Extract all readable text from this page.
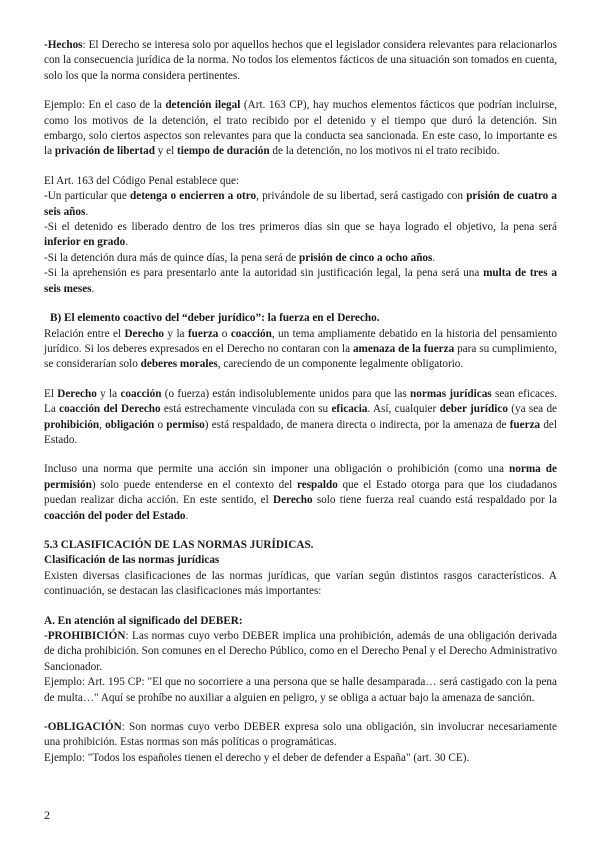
-Hechos: El Derecho se interesa solo por aquellos hechos que el legislador considera relevantes para relacionarlos con la consecuencia jurídica de la norma. No todos los elementos fácticos de una situación son tomados en cuenta, solo los que la norma considera pertinentes.

Ejemplo: En el caso de la detención ilegal (Art. 163 CP), hay muchos elementos fácticos que podrían incluirse, como los motivos de la detención, el trato recibido por el detenido y el tiempo que duró la detención. Sin embargo, solo ciertos aspectos son relevantes para que la conducta sea sancionada. En este caso, lo importante es la privación de libertad y el tiempo de duración de la detención, no los motivos ni el trato recibido.

El Art. 163 del Código Penal establece que:

-Un particular que detenga o encierren a otro, privándole de su libertad, será castigado con prisión de cuatro a seis años.

-Si el detenido es liberado dentro de los tres primeros días sin que se haya logrado el objetivo, la pena será inferior en grado.

-Si la detención dura más de quince días, la pena será de prisión de cinco a ocho años.

-Si la aprehensión es para presentarlo ante la autoridad sin justificación legal, la pena será una multa de tres a seis meses.

B) El elemento coactivo del “deber jurídico”: la fuerza en el Derecho.

Relación entre el Derecho y la fuerza o coacción, un tema ampliamente debatido en la historia del pensamiento jurídico. Si los deberes expresados en el Derecho no contaran con la amenaza de la fuerza para su cumplimiento, se considerarían solo deberes morales, careciendo de un componente legalmente obligatorio.

El Derecho y la coacción (o fuerza) están indisolublemente unidos para que las normas jurídicas sean eficaces. La coacción del Derecho está estrechamente vinculada con su eficacia. Así, cualquier deber jurídico (ya sea de prohibición, obligación o permiso) está respaldado, de manera directa o indirecta, por la amenaza de fuerza del Estado.

Incluso una norma que permite una acción sin imponer una obligación o prohibición (como una norma de permisión) solo puede entenderse en el contexto del respaldo que el Estado otorga para que los ciudadanos puedan realizar dicha acción. En este sentido, el Derecho solo tiene fuerza real cuando está respaldado por la coacción del poder del Estado.

5.3 CLASIFICACIÓN DE LAS NORMAS JURÍDICAS.

Clasificación de las normas jurídicas

Existen diversas clasificaciones de las normas jurídicas, que varían según distintos rasgos característicos. A continuación, se destacan las clasificaciones más importantes:

A. En atención al significado del DEBER:

-PROHIBICIÓN: Las normas cuyo verbo DEBER implica una prohibición, además de una obligación derivada de dicha prohibición. Son comunes en el Derecho Público, como en el Derecho Penal y el Derecho Administrativo Sancionador.

Ejemplo: Art. 195 CP: "El que no socorriere a una persona que se halle desamparada… será castigado con la pena de multa…" Aquí se prohíbe no auxiliar a alguien en peligro, y se obliga a actuar bajo la amenaza de sanción.

-OBLIGACIÓN: Son normas cuyo verbo DEBER expresa solo una obligación, sin involucrar necesariamente una prohibición. Estas normas son más políticas o programáticas.

Ejemplo: "Todos los españoles tienen el derecho y el deber de defender a España" (art. 30 CE).

2
